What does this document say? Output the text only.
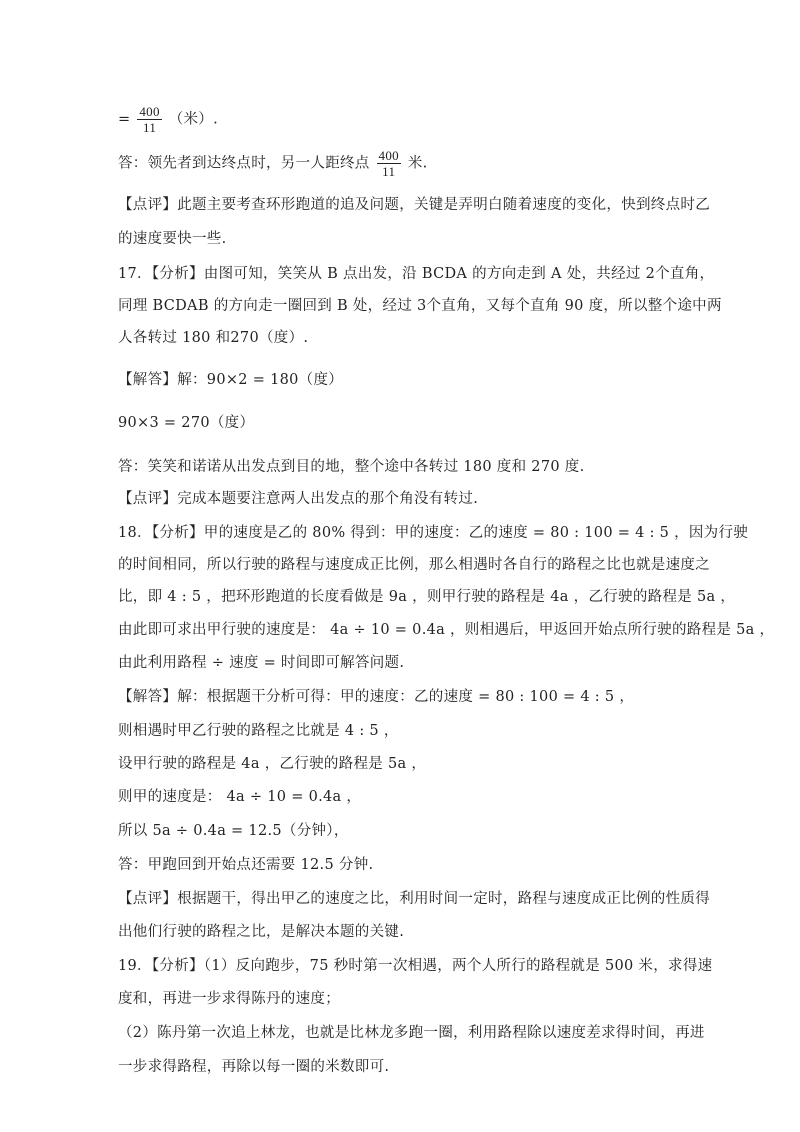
= $\frac{400}{11}$ （米）.
答：领先者到达终点时，另一人距终点 $\frac{400}{11}$ 米.
【点评】此题主要考查环形跑道的追及问题，关键是弄明白随着速度的变化，快到终点时乙
的速度要快一些.
17．【分析】由图可知，笑笑从 B 点出发，沿 BCDA 的方向走到 A 处，共经过 2个直角，
同理 BCDAB 的方向走一圈回到 B 处，经过 3个直角，又每个直角 90 度，所以整个途中两
人各转过 180 和270（度）.
【解答】解：90×2 = 180（度）
90×3 = 270（度）
答：笑笑和诺诺从出发点到目的地，整个途中各转过 180 度和 270 度.
【点评】完成本题要注意两人出发点的那个角没有转过.
18．【分析】甲的速度是乙的 80% 得到：甲的速度：乙的速度 = 80 : 100 = 4 : 5 ，因为行驶
的时间相同，所以行驶的路程与速度成正比例，那么相遇时各自行的路程之比也就是速度之
比，即 4 : 5 ，把环形跑道的长度看做是 9a ，则甲行驶的路程是 4a ，乙行驶的路程是 5a ，
由此即可求出甲行驶的速度是： 4a ÷ 10 = 0.4a ，则相遇后，甲返回开始点所行驶的路程是 5a ，
由此利用路程 ÷ 速度 = 时间即可解答问题.
【解答】解：根据题干分析可得：甲的速度：乙的速度 = 80 : 100 = 4 : 5 ，
则相遇时甲乙行驶的路程之比就是 4 : 5 ，
设甲行驶的路程是 4a ，乙行驶的路程是 5a ，
则甲的速度是： 4a ÷ 10 = 0.4a ，
所以 5a ÷ 0.4a = 12.5（分钟），
答：甲跑回到开始点还需要 12.5 分钟.
【点评】根据题干，得出甲乙的速度之比，利用时间一定时，路程与速度成正比例的性质得
出他们行驶的路程之比，是解决本题的关键.
19．【分析】（1）反向跑步，75 秒时第一次相遇，两个人所行的路程就是 500 米，求得速
度和，再进一步求得陈丹的速度；
（2）陈丹第一次追上林龙，也就是比林龙多跑一圈，利用路程除以速度差求得时间，再进
一步求得路程，再除以每一圈的米数即可.
